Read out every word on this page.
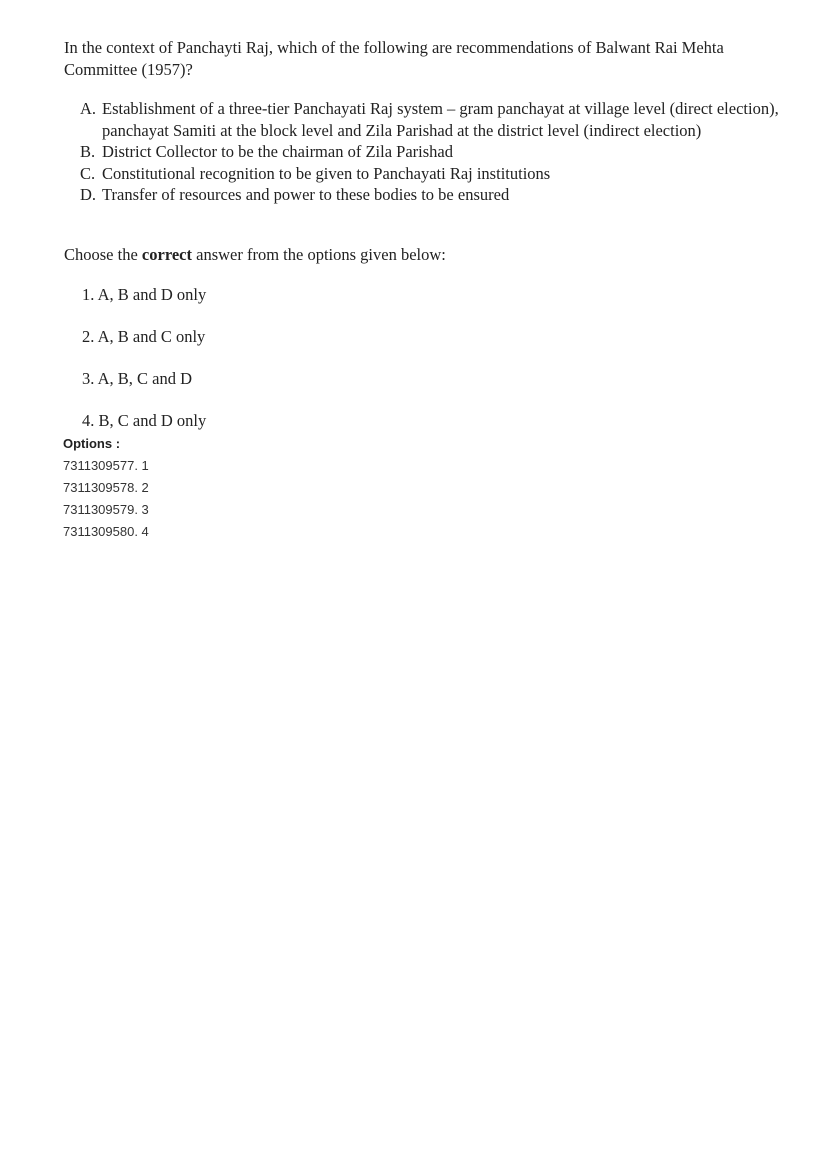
In the context of Panchayti Raj, which of the following are recommendations of Balwant Rai Mehta Committee (1957)?
A. Establishment of a three-tier Panchayati Raj system – gram panchayat at village level (direct election), panchayat Samiti at the block level and Zila Parishad at the district level (indirect election)
B. District Collector to be the chairman of Zila Parishad
C. Constitutional recognition to be given to Panchayati Raj institutions
D. Transfer of resources and power to these bodies to be ensured
Choose the correct answer from the options given below:
1. A, B and D only
2. A, B and C only
3. A, B, C and D
4. B, C and D only
Options :
7311309577. 1
7311309578. 2
7311309579. 3
7311309580. 4
